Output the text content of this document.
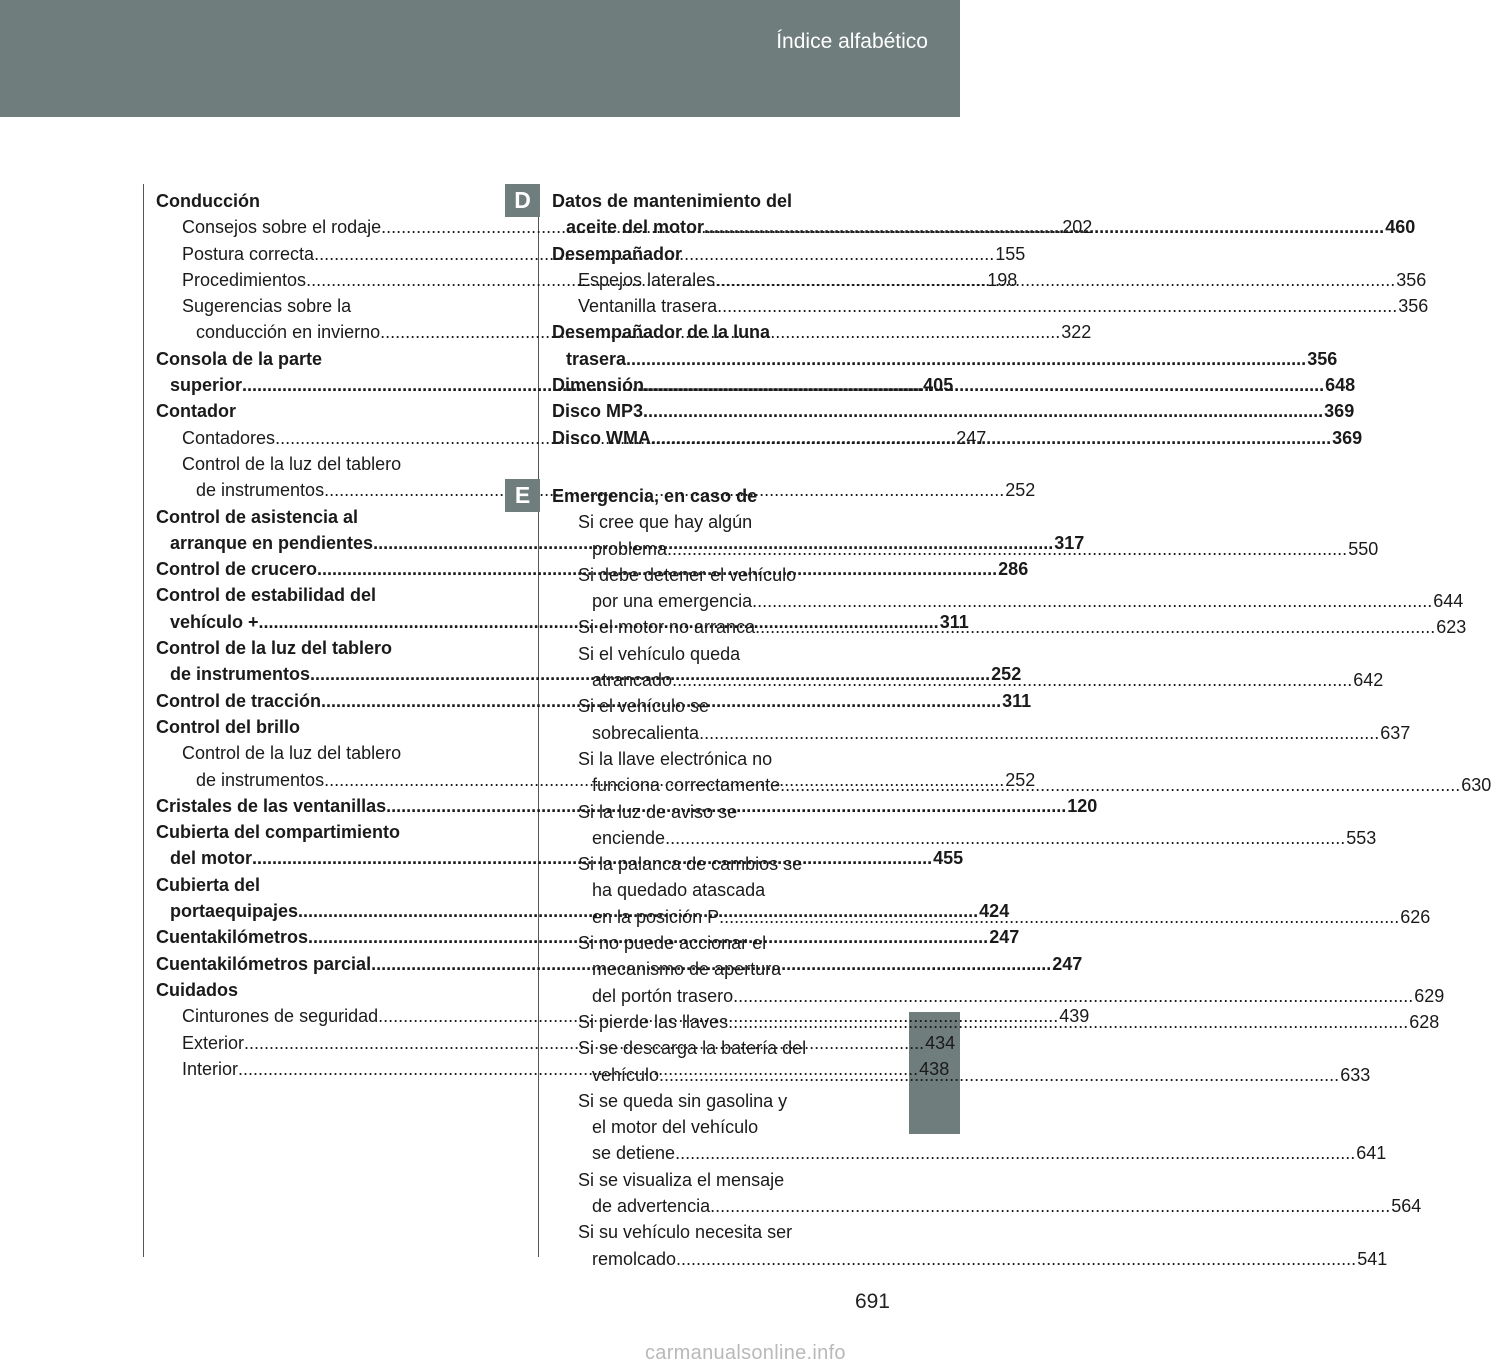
Índice alfabético
Conducción
Consejos sobre el rodaje .....	202
Postura correcta .....	155
Procedimientos .....	198
Sugerencias sobre la
conducción en invierno .....	322
Consola de la parte
superior .....	405
Contador
Contadores .....	247
Control de la luz del tablero
de instrumentos .....	252
Control de asistencia al
arranque en pendientes .....	317
Control de crucero .....	286
Control de estabilidad del
vehículo + .....	311
Control de la luz del tablero
de instrumentos .....	252
Control de tracción .....	311
Control del brillo
Control de la luz del tablero
de instrumentos .....	252
Cristales de las ventanillas .....	120
Cubierta del compartimiento
del motor .....	455
Cubierta del
portaequipajes .....	424
Cuentakilómetros .....	247
Cuentakilómetros parcial .....	247
Cuidados
Cinturones de seguridad .....	439
Exterior .....	434
Interior .....	438
D	Datos de mantenimiento del
aceite del motor .....	460
Desempañador
Espejos laterales .....	356
Ventanilla trasera .....	356
Desempañador de la luna
trasera .....	356
Dimensión .....	648
Disco MP3 .....	369
Disco WMA .....	369
E	Emergencia, en caso de
Si cree que hay algún
problema .....	550
Si debe detener el vehículo
por una emergencia .....	644
Si el motor no arranca .....	623
Si el vehículo queda
atrancado .....	642
Si el vehículo se
sobrecalienta .....	637
Si la llave electrónica no
funciona correctamente .....	630
Si la luz de aviso se
enciende .....	553
Si la palanca de cambios se
ha quedado atascada
en la posición P .....	626
Si no puede accionar el
mecanismo de apertura
del portón trasero .....	629
Si pierde las llaves .....	628
Si se descarga la batería del
vehículo .....	633
Si se queda sin gasolina y
el motor del vehículo
se detiene .....	641
Si se visualiza el mensaje
de advertencia .....	564
Si su vehículo necesita ser
remolcado .....	541
691
carmanualsonline.info
